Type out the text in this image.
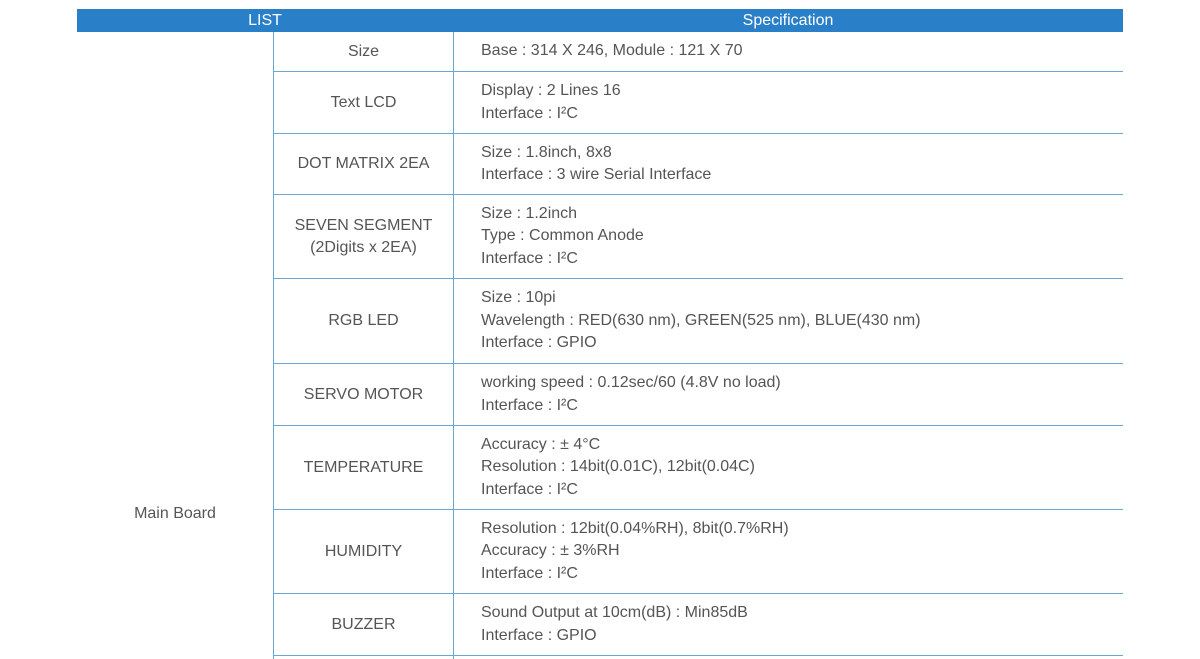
LIST	Specification
Main Board
Size	Base : 314 X 246, Module : 121 X 70
Text LCD
Display : 2 Lines 16
Interface : I²C
DOT MATRIX 2EA
Size : 1.8inch, 8x8
Interface : 3 wire Serial Interface
SEVEN SEGMENT
(2Digits x 2EA)
Size : 1.2inch
Type : Common Anode
Interface : I²C
RGB LED
Size : 10pi
Wavelength : RED(630 nm), GREEN(525 nm), BLUE(430 nm)
Interface : GPIO
SERVO MOTOR
working speed : 0.12sec/60 (4.8V no load)
Interface : I²C
TEMPERATURE
Accuracy : ± 4°C
Resolution : 14bit(0.01C), 12bit(0.04C)
Interface : I²C
HUMIDITY
Resolution : 12bit(0.04%RH), 8bit(0.7%RH)
Accuracy : ± 3%RH
Interface : I²C
BUZZER
Sound Output at 10cm(dB) : Min85dB
Interface : GPIO
